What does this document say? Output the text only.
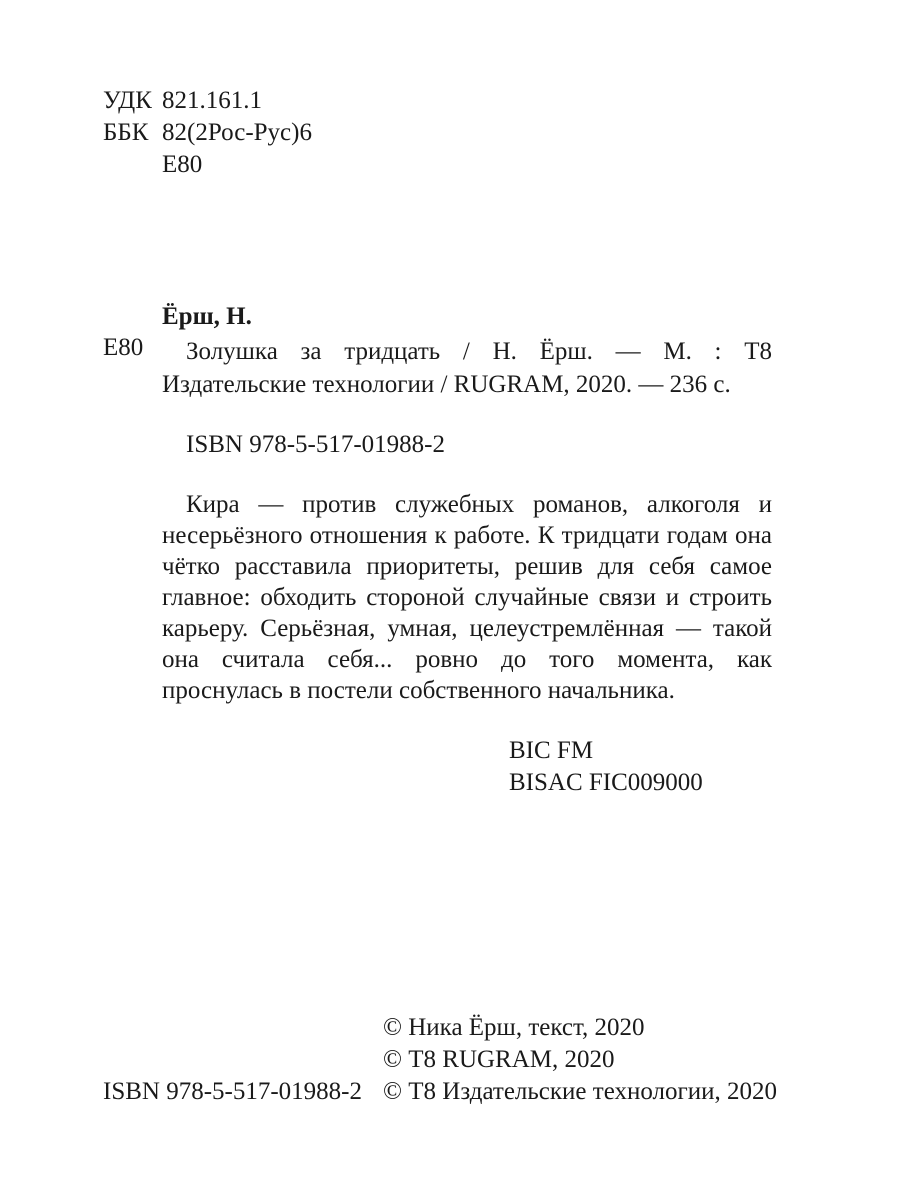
УДК 821.161.1
ББК 82(2Рос-Рус)6
Е80
Ёрш, Н.
Е80	Золушка за тридцать / Н. Ёрш. — М. : Т8 Издательские технологии / RUGRAM, 2020. — 236 с.
ISBN 978-5-517-01988-2
Кира — против служебных романов, алкоголя и несерьёзного отношения к работе. К тридцати годам она чётко расставила приоритеты, решив для себя самое главное: обходить стороной случайные связи и строить карьеру. Серьёзная, умная, целеустремлённая — такой она считала себя... ровно до того момента, как проснулась в постели собственного начальника.
BIC FM
BISAC FIC009000
© Ника Ёрш, текст, 2020
© Т8 RUGRAM, 2020
© Т8 Издательские технологии, 2020
ISBN 978-5-517-01988-2
